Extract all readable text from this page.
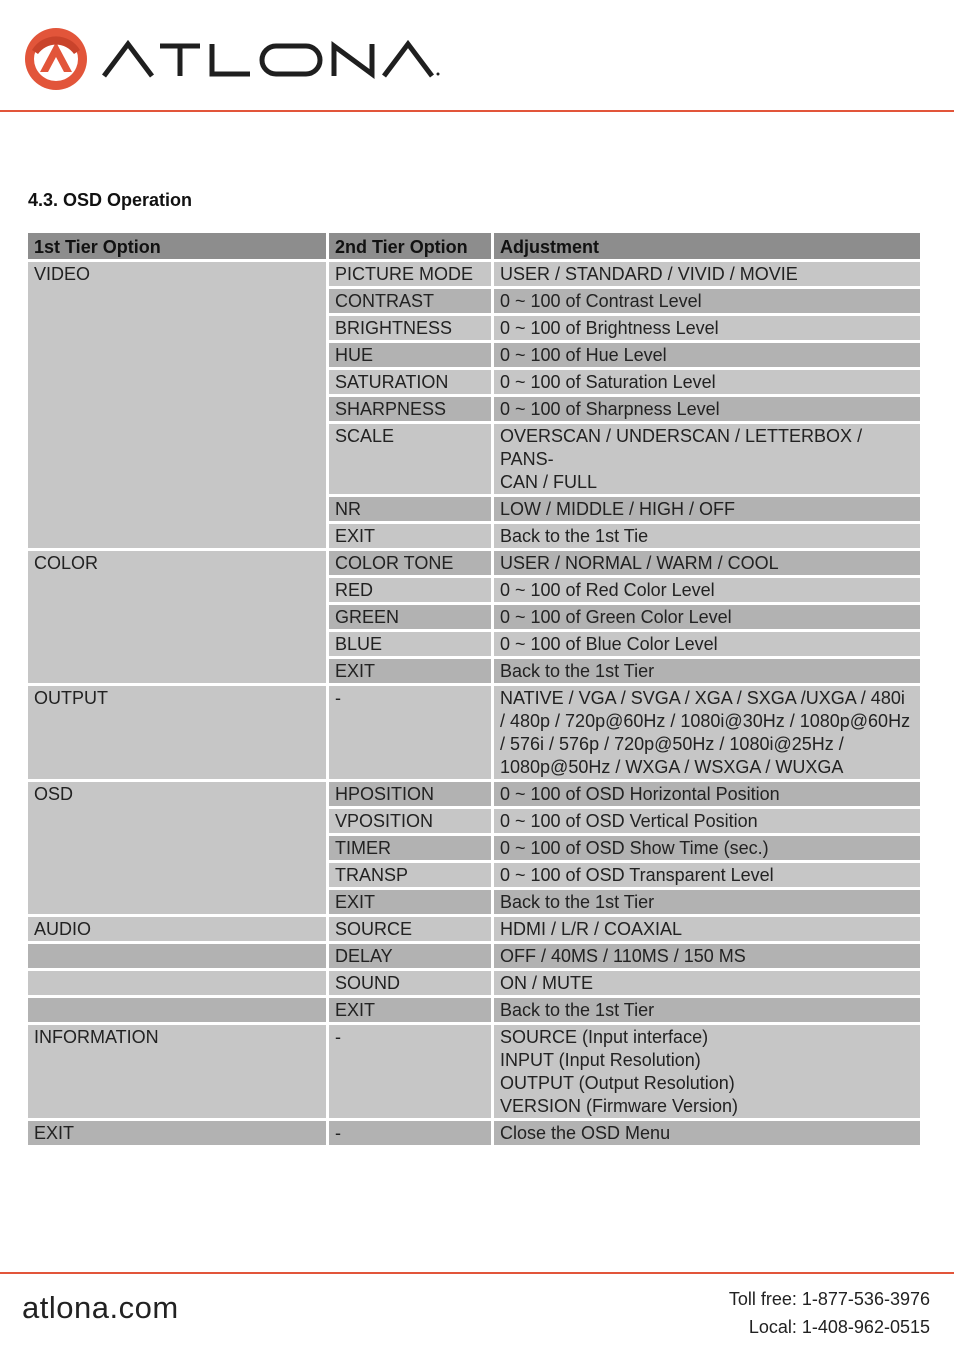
4.3. OSD Operation
1st Tier Option	2nd Tier Option	Adjustment
VIDEO	PICTURE MODE	USER / STANDARD / VIVID / MOVIE

	CONTRAST	0 ~ 100 of Contrast Level

	BRIGHTNESS	0 ~ 100 of Brightness Level

	HUE	0 ~ 100 of Hue Level

	SATURATION	0 ~ 100 of Saturation Level

	SHARPNESS	0 ~ 100 of Sharpness Level

	SCALE	OVERSCAN / UNDERSCAN / LETTERBOX / PANS-
CAN / FULL

	NR	LOW / MIDDLE / HIGH / OFF

	EXIT	Back to the 1st Tie

COLOR	COLOR TONE	USER / NORMAL / WARM / COOL

	RED	0 ~ 100 of Red Color Level

	GREEN	0 ~ 100 of Green Color Level

	BLUE	0 ~ 100 of Blue Color Level

	EXIT	Back to the 1st Tier

OUTPUT	-	NATIVE / VGA / SVGA / XGA / SXGA /UXGA / 480i
/ 480p / 720p@60Hz / 1080i@30Hz / 1080p@60Hz
/ 576i / 576p / 720p@50Hz / 1080i@25Hz /
1080p@50Hz / WXGA / WSXGA / WUXGA

OSD	HPOSITION	0 ~ 100 of OSD Horizontal Position

	VPOSITION	0 ~ 100 of OSD Vertical Position

	TIMER	0 ~ 100 of OSD Show Time (sec.)

	TRANSP	0 ~ 100 of OSD Transparent Level

	EXIT	Back to the 1st Tier

AUDIO	SOURCE	HDMI / L/R / COAXIAL

	DELAY	OFF / 40MS / 110MS / 150 MS

	SOUND	ON / MUTE

	EXIT	Back to the 1st Tier

INFORMATION	-	SOURCE (Input interface)
INPUT (Input Resolution)
OUTPUT (Output Resolution)
VERSION (Firmware Version)

EXIT	-	Close the OSD Menu
atlona.com	Toll free: 1-877-536-3976
Local: 1-408-962-0515
